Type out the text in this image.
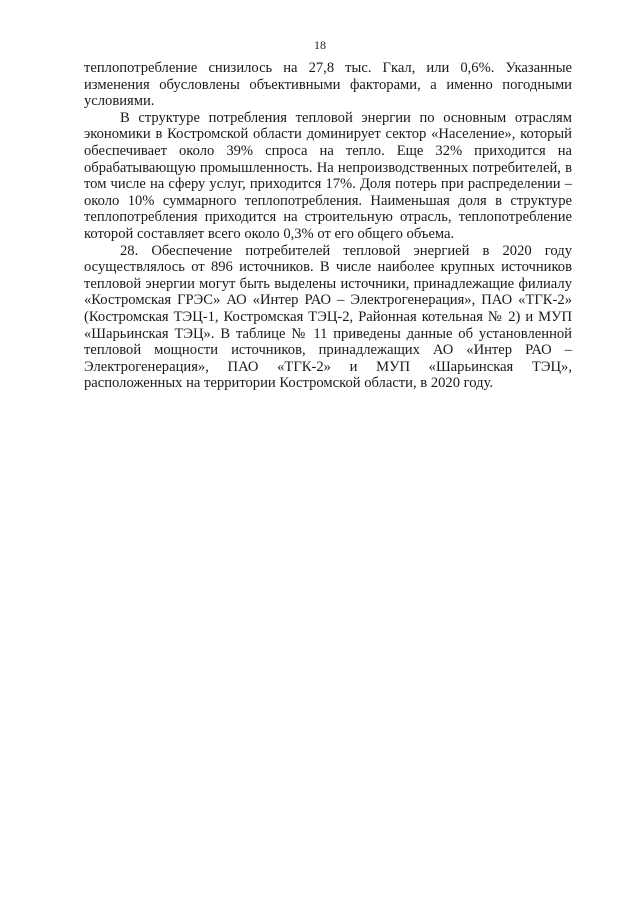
18

теплопотребление снизилось на 27,8 тыс. Гкал, или 0,6%. Указанные изменения обусловлены объективными факторами, а именно погодными условиями.

В структуре потребления тепловой энергии по основным отраслям экономики в Костромской области доминирует сектор «Население», который обеспечивает около 39% спроса на тепло. Еще 32% приходится на обрабатывающую промышленность. На непроизводственных потребителей, в том числе на сферу услуг, приходится 17%. Доля потерь при распределении – около 10% суммарного теплопотребления. Наименьшая доля в структуре теплопотребления приходится на строительную отрасль, теплопотребление которой составляет всего около 0,3% от его общего объема.

28. Обеспечение потребителей тепловой энергией в 2020 году осуществлялось от 896 источников. В числе наиболее крупных источников тепловой энергии могут быть выделены источники, принадлежащие филиалу «Костромская ГРЭС» АО «Интер РАО – Электрогенерация», ПАО «ТГК-2» (Костромская ТЭЦ-1, Костромская ТЭЦ-2, Районная котельная № 2) и МУП «Шарьинская ТЭЦ». В таблице № 11 приведены данные об установленной тепловой мощности источников, принадлежащих АО «Интер РАО – Электрогенерация», ПАО «ТГК-2» и МУП «Шарьинская ТЭЦ», расположенных на территории Костромской области, в 2020 году.
